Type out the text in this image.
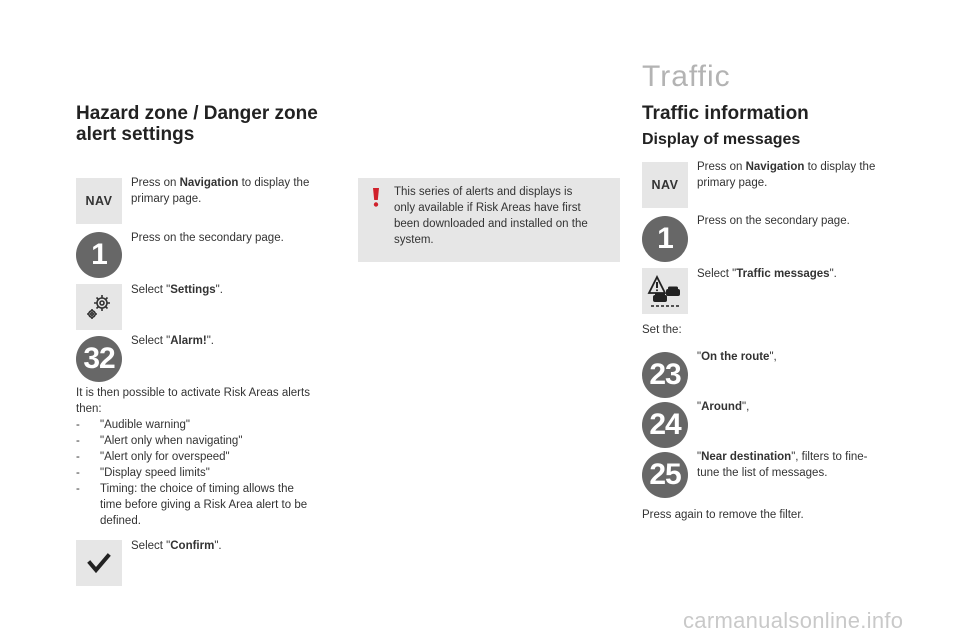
Hazard zone / Danger zone
alert settings
NAV
Press on Navigation to display the
primary page.
1 Press on the secondary page.
Select "Settings".
32
Select "Alarm!".
It is then possible to activate Risk Areas alerts
then:
-	"Audible warning"
-	"Alert only when navigating"
-	"Alert only for overspeed"
-	"Display speed limits"
-	Timing: the choice of timing allows the
time before giving a Risk Area alert to be
defined.
Select "Confirm".
This series of alerts and displays is
only available if Risk Areas have first
been downloaded and installed on the
system.
Traffic
Traffic information
Display of messages
NAV
Press on Navigation to display the
primary page.
1
Press on the secondary page.
Select "Traffic messages".
Set the:
23
"On the route",
24
"Around",
25
"Near destination", filters to fine-
tune the list of messages.
Press again to remove the filter.
carmanualsonline.info
